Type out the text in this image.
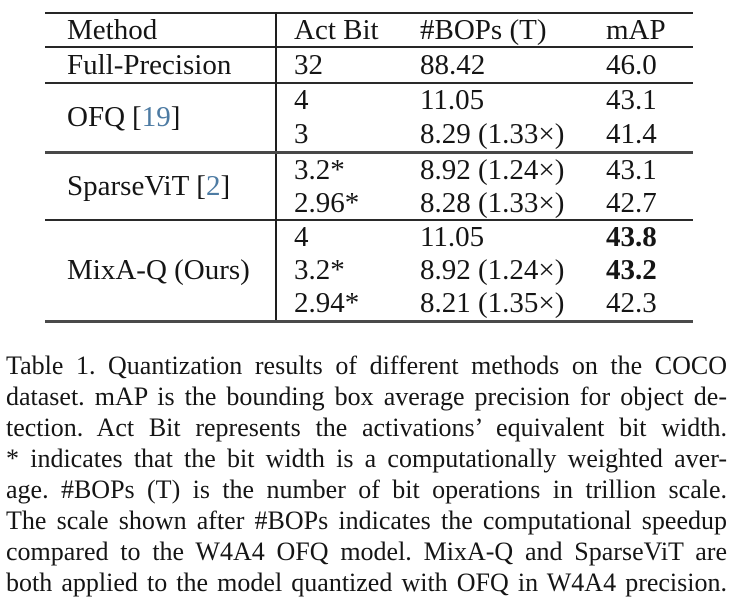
Method	Act Bit	#BOPs (T)	mAP
Full-Precision	32	88.42	46.0
OFQ [19]	4	11.05	43.1
	3	8.29 (1.33×)	41.4
SparseViT [2]	3.2*	8.92 (1.24×)	43.1
	2.96*	8.28 (1.33×)	42.7
MixA-Q (Ours)	4	11.05	43.8
	3.2*	8.92 (1.24×)	43.2
	2.94*	8.21 (1.35×)	42.3
Table 1. Quantization results of different methods on the COCO
dataset. mAP is the bounding box average precision for object de-
tection. Act Bit represents the activations’ equivalent bit width.
* indicates that the bit width is a computationally weighted aver-
age. #BOPs (T) is the number of bit operations in trillion scale.
The scale shown after #BOPs indicates the computational speedup
compared to the W4A4 OFQ model. MixA-Q and SparseViT are
both applied to the model quantized with OFQ in W4A4 precision.
